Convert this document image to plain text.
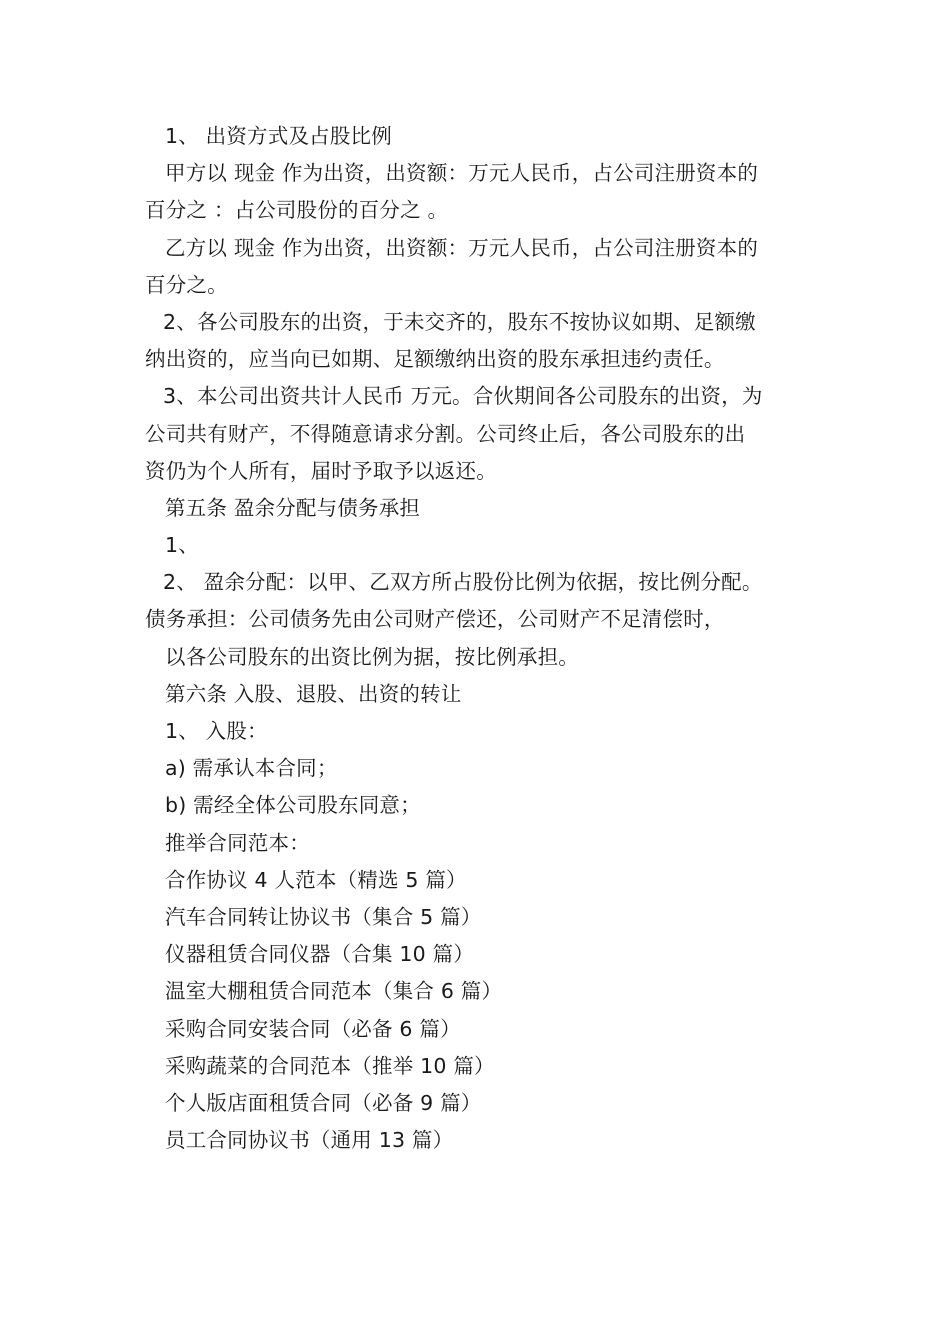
1、 出资方式及占股比例
甲方以 现金 作为出资，出资额：万元人民币，占公司注册资本的
百分之 ：占公司股份的百分之 。
乙方以 现金 作为出资，出资额：万元人民币，占公司注册资本的
百分之。
2、各公司股东的出资，于未交齐的，股东不按协议如期、足额缴
纳出资的，应当向已如期、足额缴纳出资的股东承担违约责任。
3、本公司出资共计人民币 万元。合伙期间各公司股东的出资，为
公司共有财产，不得随意请求分割。公司终止后，各公司股东的出
资仍为个人所有，届时予取予以返还。
第五条 盈余分配与债务承担
1、
2、 盈余分配：以甲、乙双方所占股份比例为依据，按比例分配。
债务承担：公司债务先由公司财产偿还，公司财产不足清偿时，
以各公司股东的出资比例为据，按比例承担。
第六条 入股、退股、出资的转让
1、 入股：
a) 需承认本合同；
b) 需经全体公司股东同意；
推举合同范本：
合作协议 4 人范本（精选 5 篇）
汽车合同转让协议书（集合 5 篇）
仪器租赁合同仪器（合集 10 篇）
温室大棚租赁合同范本（集合 6 篇）
采购合同安装合同（必备 6 篇）
采购蔬菜的合同范本（推举 10 篇）
个人版店面租赁合同（必备 9 篇）
员工合同协议书（通用 13 篇）
